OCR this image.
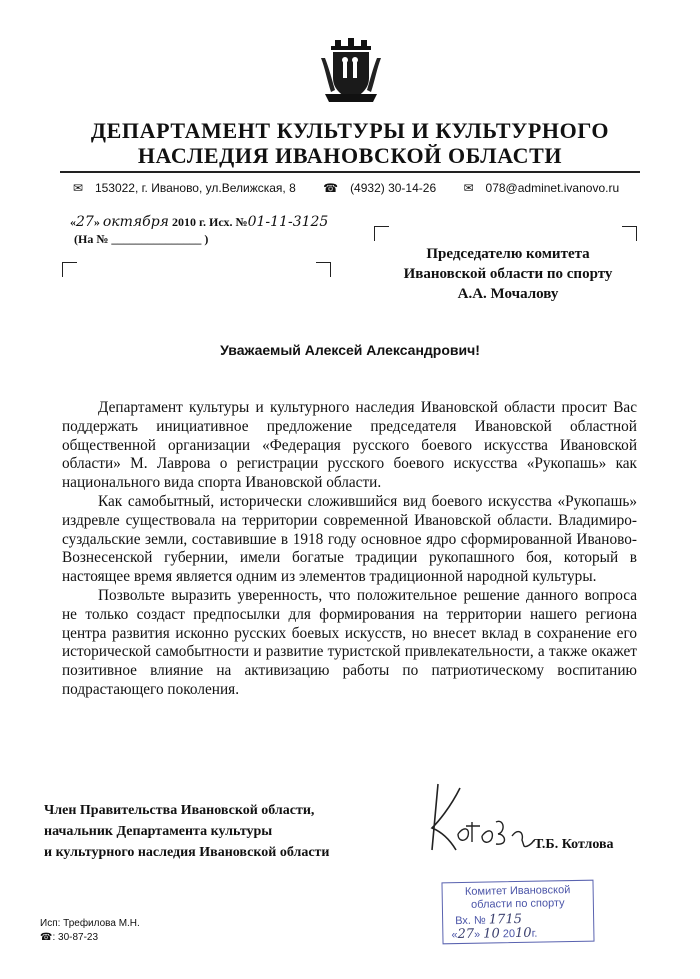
ДЕПАРТАМЕНТ КУЛЬТУРЫ И КУЛЬТУРНОГО
НАСЛЕДИЯ ИВАНОВСКОЙ ОБЛАСТИ
✉ 153022, г. Иваново, ул.Велижская, 8 ☎ (4932) 30-14-26 ✉ 078@adminet.ivanovo.ru
«27» октября 2010 г. Исх. №01-11-3125
(На № _______________ )
Председателю комитета
Ивановской области по спорту
А.А. Мочалову
Уважаемый Алексей Александрович!

Департамент культуры и культурного наследия Ивановской области просит Вас поддержать инициативное предложение председателя Ивановской областной общественной организации «Федерация русского боевого искусства Ивановской области» М. Лаврова о регистрации русского боевого искусства «Рукопашь» как национального вида спорта Ивановской области.

Как самобытный, исторически сложившийся вид боевого искусства «Рукопашь» издревле существовала на территории современной Ивановской области. Владимиро-суздальские земли, составившие в 1918 году основное ядро сформированной Иваново-Вознесенской губернии, имели богатые традиции рукопашного боя, который в настоящее время является одним из элементов традиционной народной культуры.

Позвольте выразить уверенность, что положительное решение данного вопроса не только создаст предпосылки для формирования на территории нашего региона центра развития исконно русских боевых искусств, но внесет вклад в сохранение его исторической самобытности и развитие туристской привлекательности, а также окажет позитивное влияние на активизацию работы по патриотическому воспитанию подрастающего поколения.

Член Правительства Ивановской области,
начальник Департамента культуры
и культурного наследия Ивановской области
Т.Б. Котлова
Исп: Трефилова М.Н.
☎: 30-87-23
Комитет Ивановской
области по спорту
Вх. № 1715
«27» 10 2010г.
